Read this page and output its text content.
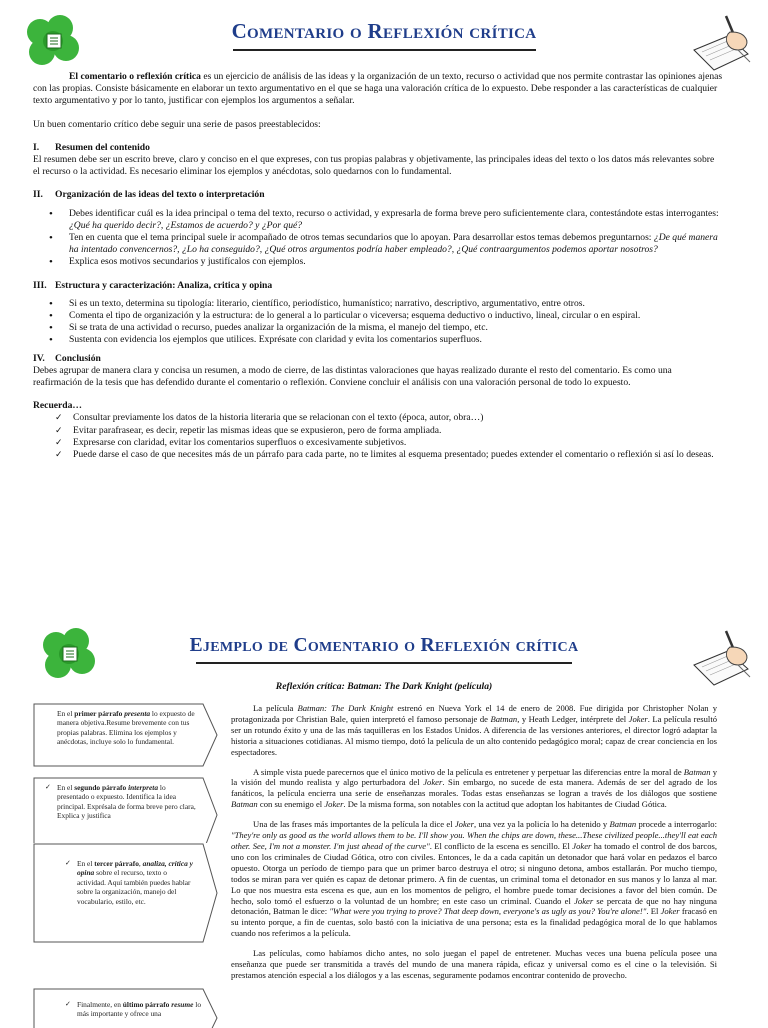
Comentario o Reflexión crítica

El comentario o reflexión crítica es un ejercicio de análisis de las ideas y la organización de un texto, recurso o actividad que nos permite contrastar las opiniones ajenas con las propias. Consiste básicamente en elaborar un texto argumentativo en el que se haga una valoración crítica de lo expuesto. Debe responder a las características de cualquier texto argumentativo y por lo tanto, justificar con ejemplos los argumentos a señalar.

Un buen comentario crítico debe seguir una serie de pasos preestablecidos:

I. Resumen del contenido

El resumen debe ser un escrito breve, claro y conciso en el que expreses, con tus propias palabras y objetivamente, las principales ideas del texto o los datos más relevantes sobre el recurso o la actividad. Es necesario eliminar los ejemplos y anécdotas, solo quedarnos con lo fundamental.

II. Organización de las ideas del texto o interpretación

• Debes identificar cuál es la idea principal o tema del texto, recurso o actividad, y expresarla de forma breve pero suficientemente clara, contestándote estas interrogantes: ¿Qué ha querido decir?, ¿Estamos de acuerdo? y ¿Por qué?
• Ten en cuenta que el tema principal suele ir acompañado de otros temas secundarios que lo apoyan. Para desarrollar estos temas debemos preguntarnos: ¿De qué manera ha intentado convencernos?, ¿Lo ha conseguido?, ¿Qué otros argumentos podría haber empleado?, ¿Qué contraargumentos podemos aportar nosotros?
• Explica esos motivos secundarios y justifícalos con ejemplos.

III. Estructura y caracterización: Analiza, critica y opina

• Si es un texto, determina su tipología: literario, científico, periodístico, humanístico; narrativo, descriptivo, argumentativo, entre otros.
• Comenta el tipo de organización y la estructura: de lo general a lo particular o viceversa; esquema deductivo o inductivo, lineal, circular o en espiral.
• Si se trata de una actividad o recurso, puedes analizar la organización de la misma, el manejo del tiempo, etc.
• Sustenta con evidencia los ejemplos que utilices. Exprésate con claridad y evita los comentarios superfluos.

IV. Conclusión

Debes agrupar de manera clara y concisa un resumen, a modo de cierre, de las distintas valoraciones que hayas realizado durante el resto del comentario. Es como una reafirmación de la tesis que has defendido durante el comentario o reflexión. Conviene concluir el análisis con una valoración personal de todo lo expuesto.

Recuerda…

✓ Consultar previamente los datos de la historia literaria que se relacionan con el texto (época, autor, obra…)
✓ Evitar parafrasear, es decir, repetir las mismas ideas que se expusieron, pero de forma ampliada.
✓ Expresarse con claridad, evitar los comentarios superfluos o excesivamente subjetivos.
✓ Puede darse el caso de que necesites más de un párrafo para cada parte, no te limites al esquema presentado; puedes extender el comentario o reflexión si así lo deseas.
Ejemplo de Comentario o Reflexión crítica
✓ En el primer párrafo presenta lo expuesto de manera objetiva.Resume brevemente con tus propias palabras. Elimina los ejemplos y anécdotas, incluye solo lo fundamental.
✓ En el segundo párrafo interpreta lo presentado o expuesto. Identifica la idea principal. Exprésala de forma breve pero clara, Explica y justifica
✓ En el tercer párrafo, analiza, crítica y opina sobre el recurso, texto o actividad. Aquí también puedes hablar sobre la organización, manejo del vocabulario, estilo, etc.
✓ Finalmente, en último párrafo resume lo más importante y ofrece una
Reflexión crítica: Batman: The Dark Knight (película)

La película Batman: The Dark Knight estrenó en Nueva York el 14 de enero de 2008. Fue dirigida por Christopher Nolan y protagonizada por Christian Bale, quien interpretó el famoso personaje de Batman, y Heath Ledger, intérprete del Joker. La película resultó ser un rotundo éxito y una de las más taquilleras en los Estados Unidos. A diferencia de las versiones anteriores, el director logró adaptar la historia a situaciones cotidianas. Al mismo tiempo, dotó la película de un alto contenido pedagógico moral; capaz de crear conciencia en los espectadores.

A simple vista puede parecernos que el único motivo de la película es entretener y perpetuar las diferencias entre la moral de Batman y la visión del mundo realista y algo perturbadora del Joker. Sin embargo, no sucede de esta manera. Además de ser del agrado de los fanáticos, la película encierra una serie de enseñanzas morales. Todas estas enseñanzas se logran a través de los diálogos que sostiene Batman con su enemigo el Joker. De la misma forma, son notables con la actitud que adoptan los habitantes de Ciudad Gótica.

Una de las frases más importantes de la película la dice el Joker, una vez ya la policía lo ha detenido y Batman procede a interrogarlo: "They're only as good as the world allows them to be. I'll show you. When the chips are down, these...These civilized people...they'll eat each other. See, I'm not a monster. I'm just ahead of the curve". El conflicto de la escena es sencillo. El Joker ha tomado el control de dos barcos, uno con los criminales de Ciudad Gótica, otro con civiles. Entonces, le da a cada capitán un detonador que hará volar en pedazos el barco opuesto. Otorga un período de tiempo para que un primer barco destruya el otro; si ninguno detona, ambos estallarán. Por mucho tiempo, todos se miran para ver quién es capaz de detonar primero. A fin de cuentas, un criminal toma el detonador en sus manos y lo lanza al mar. Lo que nos muestra esta escena es que, aun en los momentos de peligro, el hombre puede tomar decisiones a favor del bien común. De hecho, solo tomó el esfuerzo o la voluntad de un hombre; en este caso un criminal. Cuando el Joker se percata de que no hay ninguna detonación, Batman le dice: "What were you trying to prove? That deep down, everyone's as ugly as you? You're alone!". El Joker fracasó en su intento porque, a fin de cuentas, solo bastó con la iniciativa de una persona; esta es la finalidad pedagógica moral de lo que hablamos cuando nos referimos a la película.

Las películas, como habíamos dicho antes, no solo juegan el papel de entretener. Muchas veces una buena película posee una enseñanza que puede ser transmitida a través del mundo de una manera rápida, eficaz y universal como es el cine o la televisión. Si prestamos atención especial a los diálogos y a las escenas, seguramente podamos encontrar contenido de provecho.
